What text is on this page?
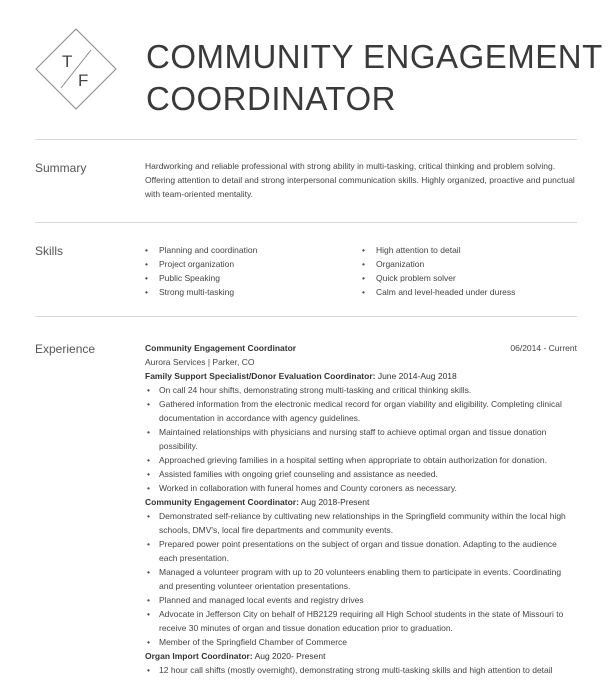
T
F
COMMUNITY ENGAGEMENT
COORDINATOR
Summary	Hardworking and reliable professional with strong ability in multi-tasking, critical thinking and problem solving. Offering attention to detail and strong interpersonal communication skills. Highly organized, proactive and punctual with team-oriented mentality.
Skills
•	Planning and coordination
• Project organization
• Public Speaking
• Strong multi-tasking
• High attention to detail
• Organization
• Quick problem solver
• Calm and level-headed under duress
Experience	Community Engagement Coordinator	06/2014 - Current
Aurora Services | Parker, CO
Family Support Specialist/Donor Evaluation Coordinator: June 2014-Aug 2018
• On call 24 hour shifts, demonstrating strong multi-tasking and critical thinking skills.
• Gathered information from the electronic medical record for organ viability and eligibility. Completing clinical documentation in accordance with agency guidelines.
• Maintained relationships with physicians and nursing staff to achieve optimal organ and tissue donation possibility.
• Approached grieving families in a hospital setting when appropriate to obtain authorization for donation.
• Assisted families with ongoing grief counseling and assistance as needed.
• Worked in collaboration with funeral homes and County coroners as necessary.
Community Engagement Coordinator: Aug 2018-Present
• Demonstrated self-reliance by cultivating new relationships in the Springfield community within the local high schools, DMV's, local fire departments and community events.
• Prepared power point presentations on the subject of organ and tissue donation. Adapting to the audience each presentation.
• Managed a volunteer program with up to 20 volunteers enabling them to participate in events. Coordinating and presenting volunteer orientation presentations.
• Planned and managed local events and registry drives
• Advocate in Jefferson City on behalf of HB2129 requiring all High School students in the state of Missouri to receive 30 minutes of organ and tissue donation education prior to graduation.
• Member of the Springfield Chamber of Commerce
Organ Import Coordinator: Aug 2020- Present
• 12 hour call shifts (mostly overnight), demonstrating strong multi-tasking skills and high attention to detail
